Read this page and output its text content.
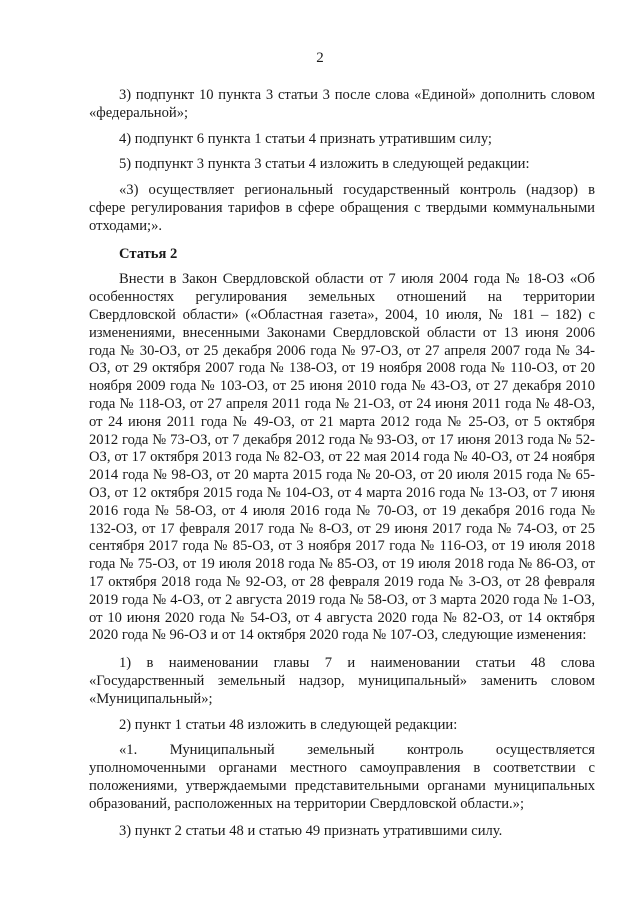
2

3) подпункт 10 пункта 3 статьи 3 после слова «Единой» дополнить словом «федеральной»;

4) подпункт 6 пункта 1 статьи 4 признать утратившим силу;

5) подпункт 3 пункта 3 статьи 4 изложить в следующей редакции:

«3) осуществляет региональный государственный контроль (надзор) в сфере регулирования тарифов в сфере обращения с твердыми коммунальными отходами;».

Статья 2

Внести в Закон Свердловской области от 7 июля 2004 года № 18-ОЗ «Об особенностях регулирования земельных отношений на территории Свердловской области» («Областная газета», 2004, 10 июля, № 181 – 182) с изменениями, внесенными Законами Свердловской области от 13 июня 2006 года № 30-ОЗ, от 25 декабря 2006 года № 97-ОЗ, от 27 апреля 2007 года № 34-ОЗ, от 29 октября 2007 года № 138-ОЗ, от 19 ноября 2008 года № 110-ОЗ, от 20 ноября 2009 года № 103-ОЗ, от 25 июня 2010 года № 43-ОЗ, от 27 декабря 2010 года № 118-ОЗ, от 27 апреля 2011 года № 21-ОЗ, от 24 июня 2011 года № 48-ОЗ, от 24 июня 2011 года № 49-ОЗ, от 21 марта 2012 года № 25-ОЗ, от 5 октября 2012 года № 73-ОЗ, от 7 декабря 2012 года № 93-ОЗ, от 17 июня 2013 года № 52-ОЗ, от 17 октября 2013 года № 82-ОЗ, от 22 мая 2014 года № 40-ОЗ, от 24 ноября 2014 года № 98-ОЗ, от 20 марта 2015 года № 20-ОЗ, от 20 июля 2015 года № 65-ОЗ, от 12 октября 2015 года № 104-ОЗ, от 4 марта 2016 года № 13-ОЗ, от 7 июня 2016 года № 58-ОЗ, от 4 июля 2016 года № 70-ОЗ, от 19 декабря 2016 года № 132-ОЗ, от 17 февраля 2017 года № 8-ОЗ, от 29 июня 2017 года № 74-ОЗ, от 25 сентября 2017 года № 85-ОЗ, от 3 ноября 2017 года № 116-ОЗ, от 19 июля 2018 года № 75-ОЗ, от 19 июля 2018 года № 85-ОЗ, от 19 июля 2018 года № 86-ОЗ, от 17 октября 2018 года № 92-ОЗ, от 28 февраля 2019 года № 3-ОЗ, от 28 февраля 2019 года № 4-ОЗ, от 2 августа 2019 года № 58-ОЗ, от 3 марта 2020 года № 1-ОЗ, от 10 июня 2020 года № 54-ОЗ, от 4 августа 2020 года № 82-ОЗ, от 14 октября 2020 года № 96-ОЗ и от 14 октября 2020 года № 107-ОЗ, следующие изменения:

1) в наименовании главы 7 и наименовании статьи 48 слова «Государственный земельный надзор, муниципальный» заменить словом «Муниципальный»;

2) пункт 1 статьи 48 изложить в следующей редакции:

«1. Муниципальный земельный контроль осуществляется уполномоченными органами местного самоуправления в соответствии с положениями, утверждаемыми представительными органами муниципальных образований, расположенных на территории Свердловской области.»;

3) пункт 2 статьи 48 и статью 49 признать утратившими силу.
